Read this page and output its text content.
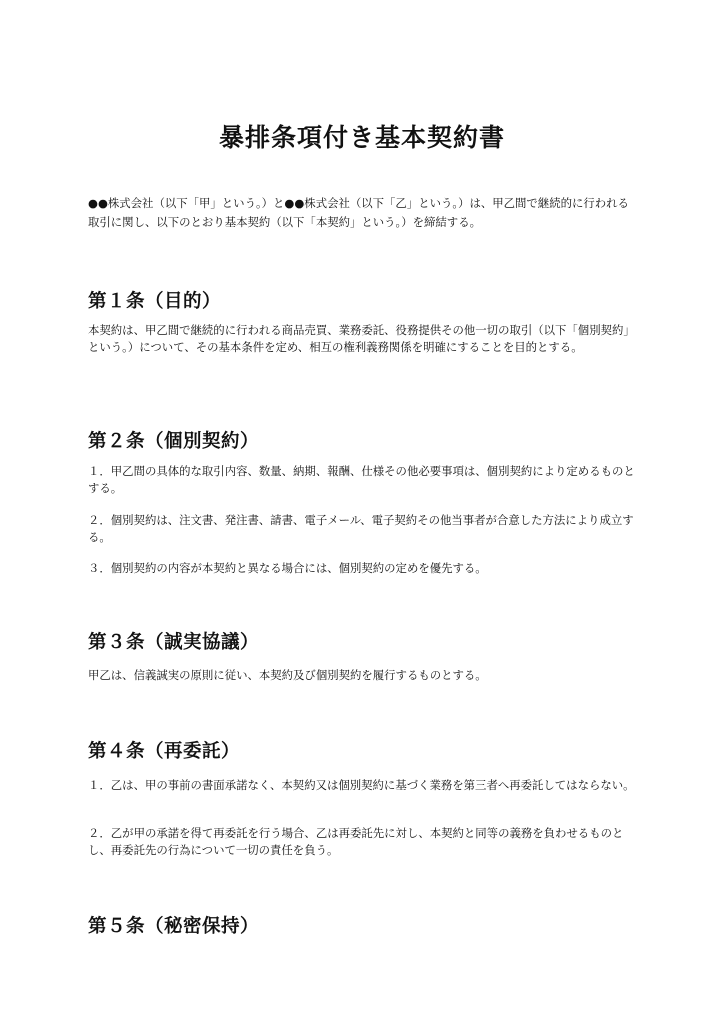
暴排条項付き基本契約書

●●株式会社（以下「甲」という。）と●●株式会社（以下「乙」という。）は、甲乙間で継続的に行われる取引に関し、以下のとおり基本契約（以下「本契約」という。）を締結する。

第１条（目的）

本契約は、甲乙間で継続的に行われる商品売買、業務委託、役務提供その他一切の取引（以下「個別契約」という。）について、その基本条件を定め、相互の権利義務関係を明確にすることを目的とする。

第２条（個別契約）

１．甲乙間の具体的な取引内容、数量、納期、報酬、仕様その他必要事項は、個別契約により定めるものとする。

２．個別契約は、注文書、発注書、請書、電子メール、電子契約その他当事者が合意した方法により成立する。

３．個別契約の内容が本契約と異なる場合には、個別契約の定めを優先する。

第３条（誠実協議）

甲乙は、信義誠実の原則に従い、本契約及び個別契約を履行するものとする。

第４条（再委託）

１．乙は、甲の事前の書面承諾なく、本契約又は個別契約に基づく業務を第三者へ再委託してはならない。

２．乙が甲の承諾を得て再委託を行う場合、乙は再委託先に対し、本契約と同等の義務を負わせるものとし、再委託先の行為について一切の責任を負う。

第５条（秘密保持）
